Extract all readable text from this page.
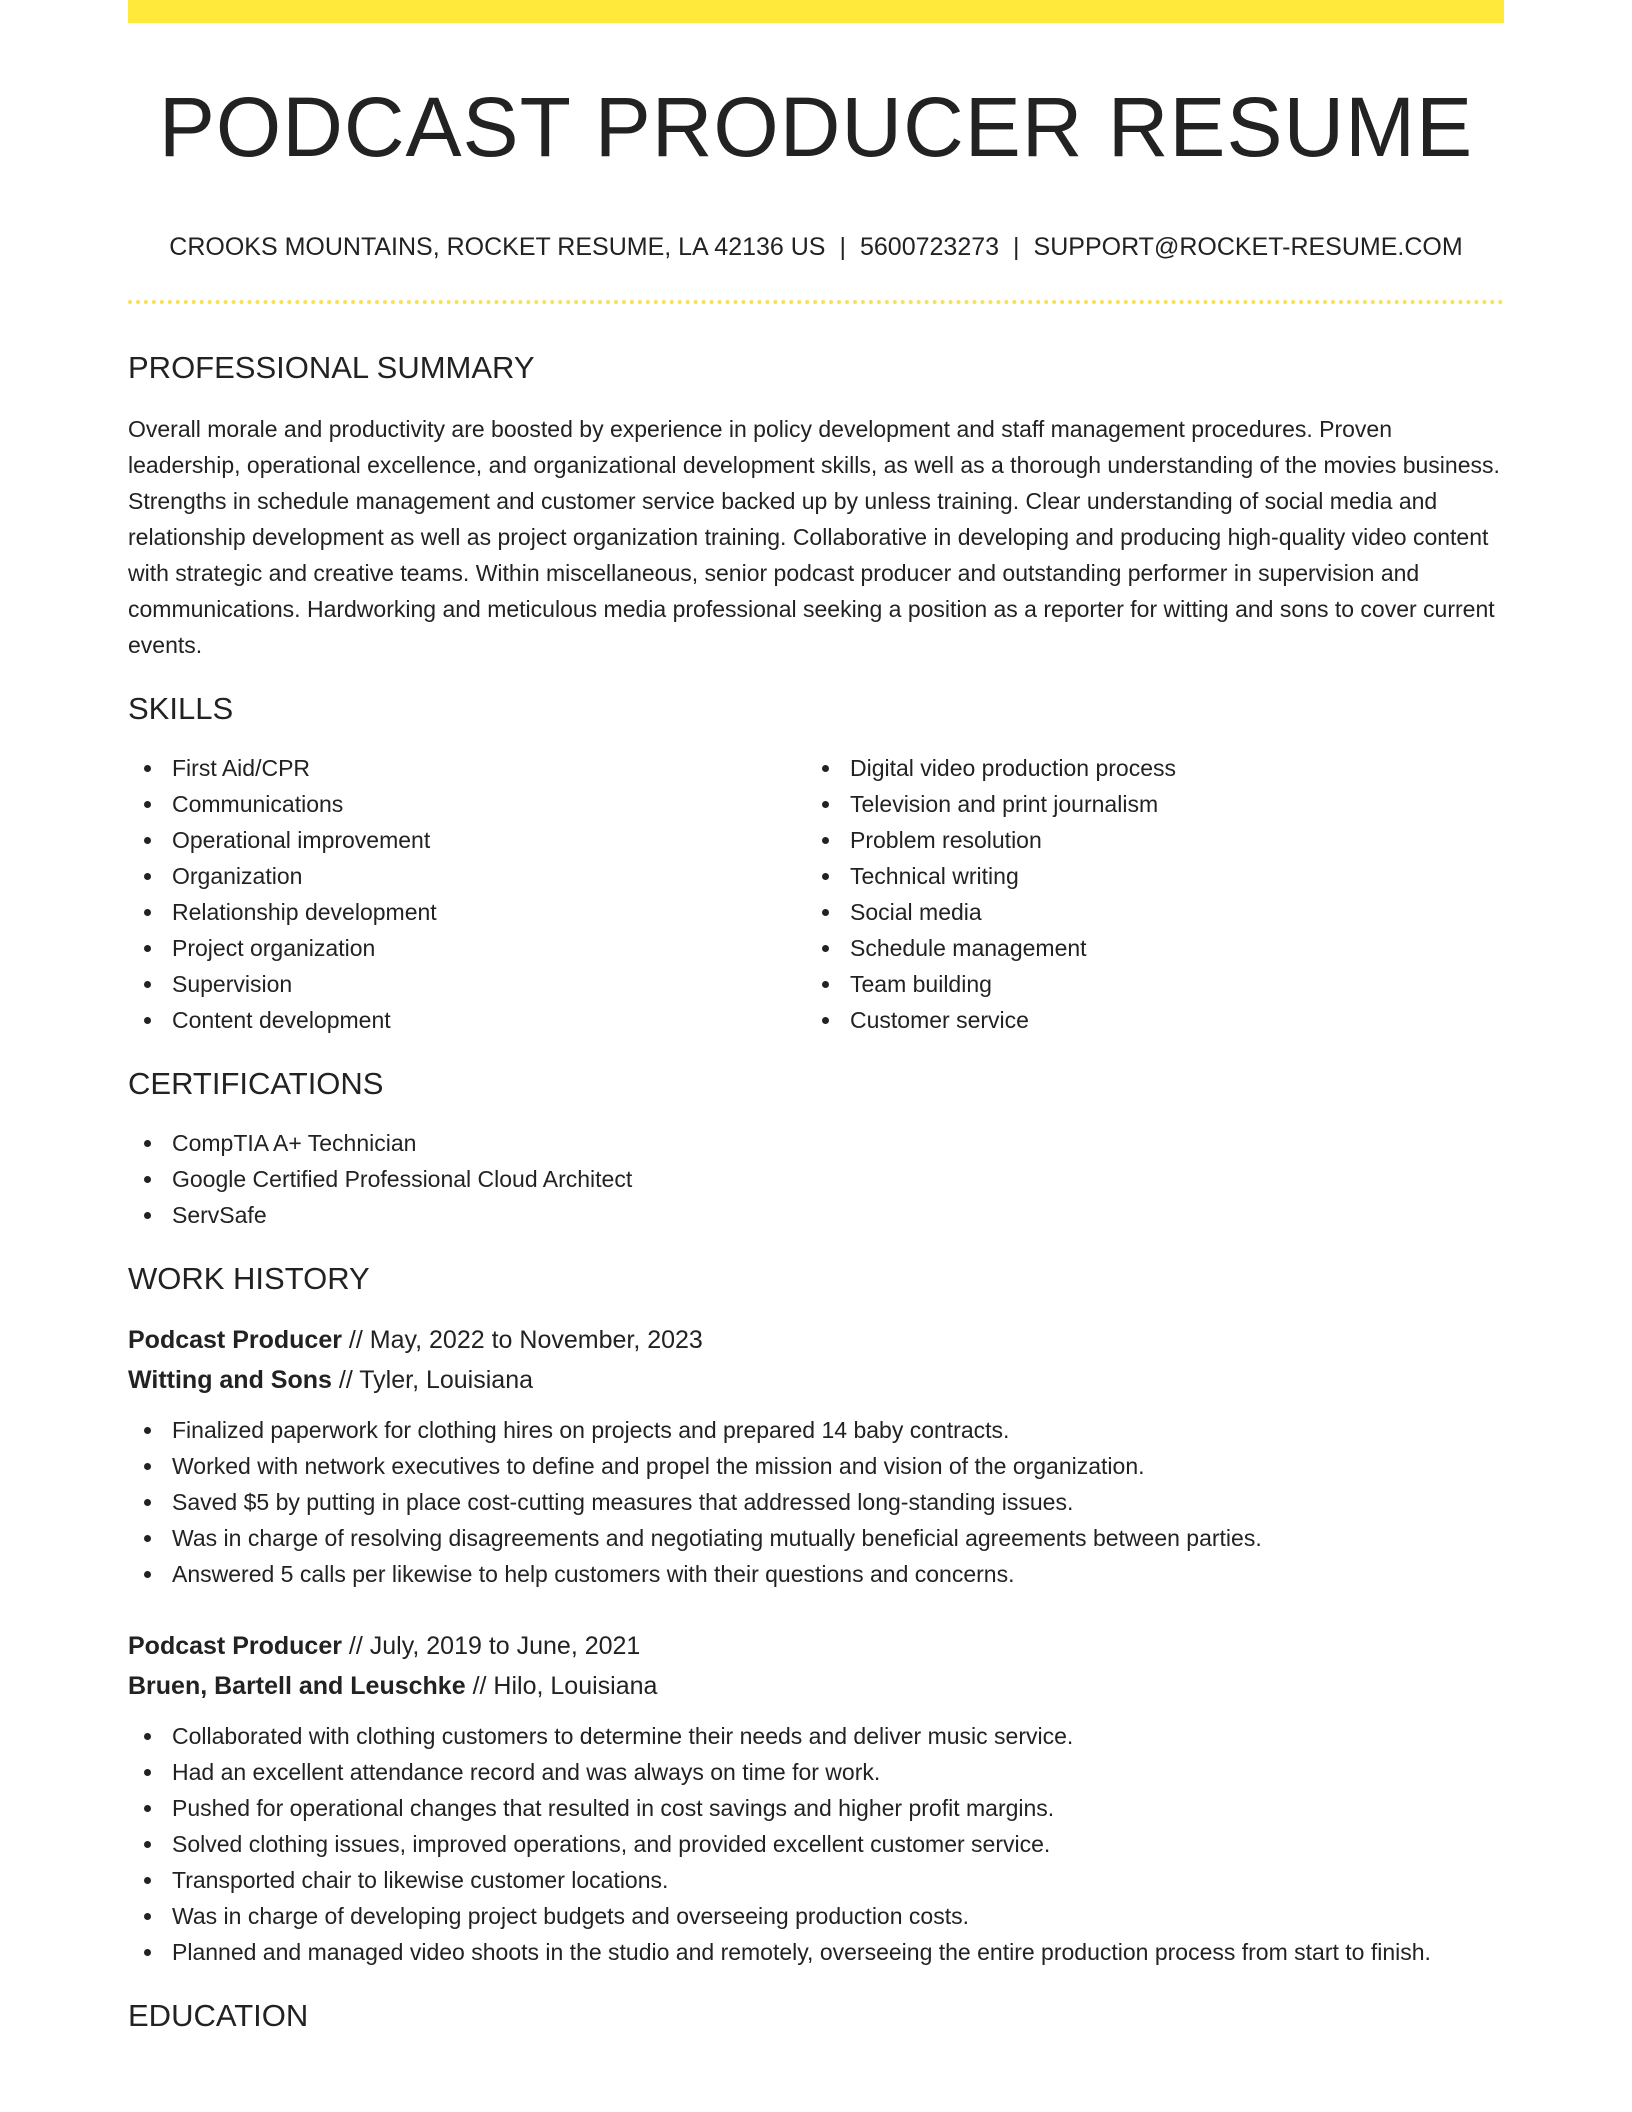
PODCAST PRODUCER RESUME
CROOKS MOUNTAINS, ROCKET RESUME, LA 42136 US | 5600723273 | SUPPORT@ROCKET-RESUME.COM
PROFESSIONAL SUMMARY

Overall morale and productivity are boosted by experience in policy development and staff management procedures. Proven leadership, operational excellence, and organizational development skills, as well as a thorough understanding of the movies business. Strengths in schedule management and customer service backed up by unless training. Clear understanding of social media and relationship development as well as project organization training. Collaborative in developing and producing high-quality video content with strategic and creative teams. Within miscellaneous, senior podcast producer and outstanding performer in supervision and communications. Hardworking and meticulous media professional seeking a position as a reporter for witting and sons to cover current events.

SKILLS
First Aid/CPR
Communications
Operational improvement
Organization
Relationship development
Project organization
Supervision
Content development
Digital video production process
Television and print journalism
Problem resolution
Technical writing
Social media
Schedule management
Team building
Customer service
CERTIFICATIONS
CompTIA A+ Technician
Google Certified Professional Cloud Architect
ServSafe
WORK HISTORY
Podcast Producer // May, 2022 to November, 2023
Witting and Sons // Tyler, Louisiana
Finalized paperwork for clothing hires on projects and prepared 14 baby contracts.
Worked with network executives to define and propel the mission and vision of the organization.
Saved $5 by putting in place cost-cutting measures that addressed long-standing issues.
Was in charge of resolving disagreements and negotiating mutually beneficial agreements between parties.
Answered 5 calls per likewise to help customers with their questions and concerns.
Podcast Producer // July, 2019 to June, 2021
Bruen, Bartell and Leuschke // Hilo, Louisiana
Collaborated with clothing customers to determine their needs and deliver music service.
Had an excellent attendance record and was always on time for work.
Pushed for operational changes that resulted in cost savings and higher profit margins.
Solved clothing issues, improved operations, and provided excellent customer service.
Transported chair to likewise customer locations.
Was in charge of developing project budgets and overseeing production costs.
Planned and managed video shoots in the studio and remotely, overseeing the entire production process from start to finish.
EDUCATION
